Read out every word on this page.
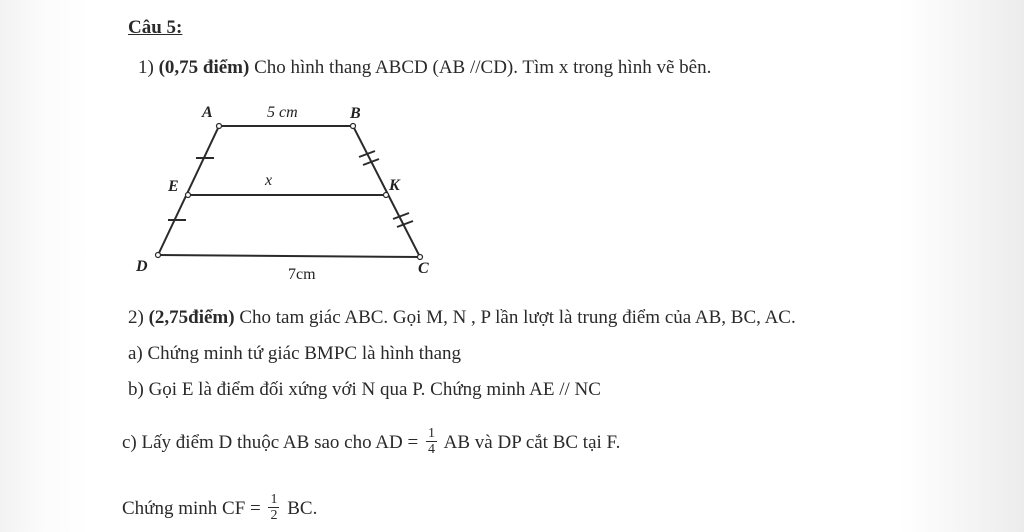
Câu 5:
1) (0,75 điểm) Cho hình thang ABCD (AB //CD). Tìm x trong hình vẽ bên.
A	B
E	K
D	C
5 cm
x
7cm
2) (2,75điểm) Cho tam giác ABC. Gọi M, N , P lần lượt là trung điểm của AB, BC, AC.
a) Chứng minh tứ giác BMPC là hình thang
b) Gọi E là điểm đối xứng với N qua P. Chứng minh AE // NC
c) Lấy điểm D thuộc AB sao cho AD = $\frac{1}{4}$ AB và DP cắt BC tại F.
Chứng minh CF = $\frac{1}{2}$ BC.
